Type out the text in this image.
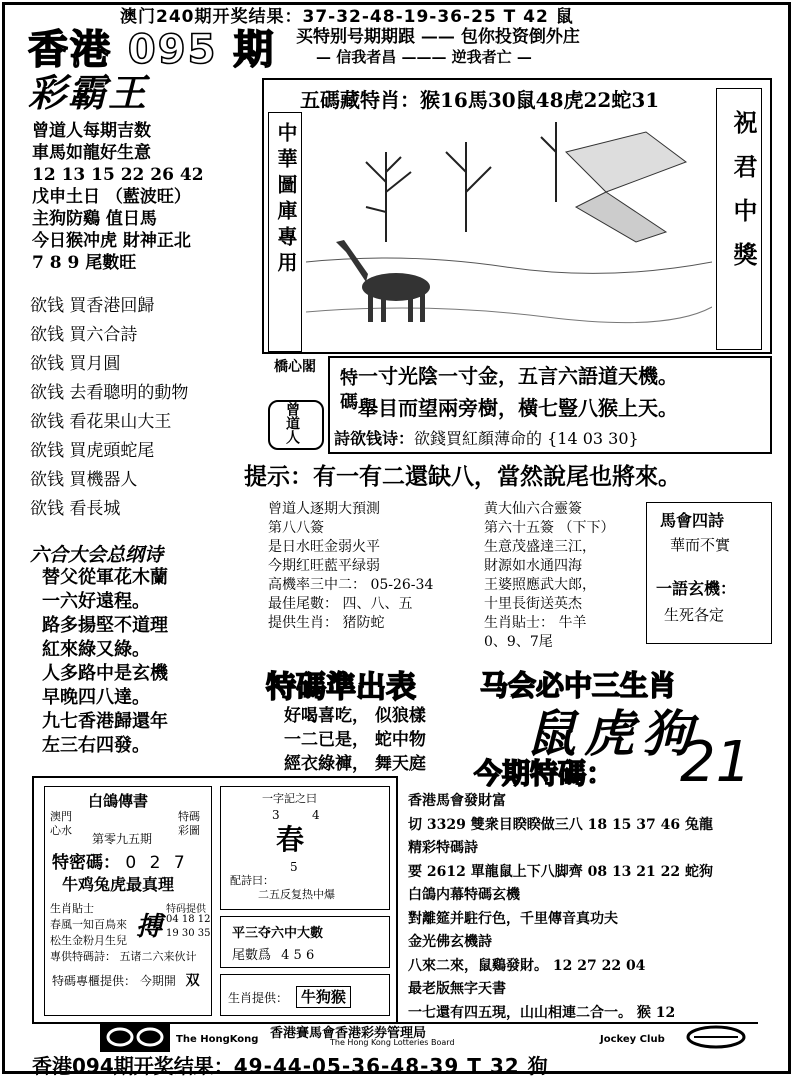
澳门240期开奖结果：37-32-48-19-36-25 T 42 鼠
香港 095 期 买特别号期期跟 —— 包你投资倒外庄
— 信我者昌 ——— 逆我者亡 —
彩霸王
曾道人每期吉数
車馬如龍好生意
12 13 15 22 26 42
戊申土日 （藍波旺）
主狗防鷄 值日馬
今日猴冲虎 財神正北
7 8 9 尾數旺
欲钱 買香港回歸
欲钱 買六合詩
欲钱 買月圓
欲钱 去看聰明的動物
欲钱 看花果山大王
欲钱 買虎頭蛇尾
欲钱 買機器人
欲钱 看長城
五碼藏特肖：猴16馬30鼠48虎22蛇31
中華圖庫專用	祝君中獎
橋心閣
曾道人
特碼 一寸光陰一寸金，五言六語道天機。
舉目而望兩旁樹，橫七豎八猴上天。
詩欲钱诗：欲錢買紅顏薄命的 {14 03 30}
提示：有一有二還缺八，當然說尾也將來。
曾道人逐期大預測
第八八簽
是日水旺金弱火平
今期红旺藍平绿弱
高機率三中二： 05-26-34
最佳尾數： 四、八、五
提供生肖： 猪防蛇
黄大仙六合靈簽
第六十五簽 （下下）
生意茂盛達三江，
財源如水通四海
王婆照應武大郎，
十里長街送英杰
生肖貼士： 牛羊
0、9、7尾
馬會四詩
華而不實
一語玄機：
生死各定
六合大会总纲诗
替父從軍花木蘭
一六好遠程。
路多揚堅不道理
紅來綠又綠。
人多路中是玄機
早晚四八達。
九七香港歸還年
左三右四發。
特碼準出表
好喝喜吃， 似狼樣
一二已是， 蛇中物
經衣綠褲， 舞天庭
马会必中三生肖
鼠虎狗
今期特碼： 21
白鴿傳書
澳門
心水
特碼
彩圖
第零九五期
特密碼： 0 2 7
牛鸡兔虎最真理
生肖貼士
春風一知百鳥來
松生金粉月生兒 搏
特码提供
04 18 12
19 30 35
專供特碼詩： 五诸二六来伙计
特碼專櫃提供： 今期開 双
一字記之曰
3	4
春
5
配詩曰：
二五反复热中爆
平三夺六中大數
尾數爲 4 5 6
生肖提供： 牛狗猴
香港馬會發財富
切 3329 雙衆目睽睽做三八 18 15 37 46 兔龍
精彩特碼詩
要 2612 單龍鼠上下八脚齊 08 13 21 22 蛇狗
白鴿内幕特碼玄機
對離筵并駐行色，千里傳音真功夫
金光佛玄機詩
八來二來，鼠鷄發財。 12 27 22 04
最老版無字天書
一七還有四五現，山山相連二合一。 猴 12
香港賽馬會香港彩券管理局
The HongKong	The Hong Kong Lotteries Board	Jockey Club
香港094期开奖结果：49-44-05-36-48-39 T 32 狗
